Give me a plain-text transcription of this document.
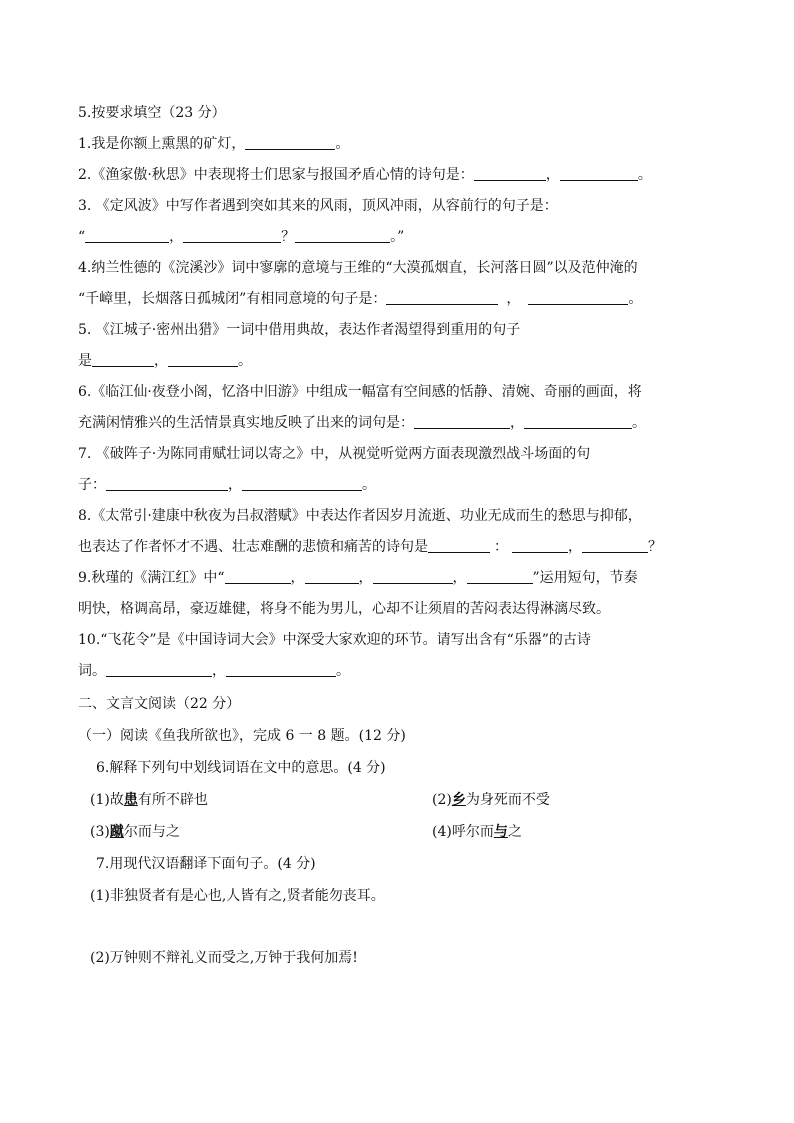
5.按要求填空（23 分）
1.我是你额上熏黑的矿灯，	。
2.《渔家傲·秋思》中表现将士们思家与报国矛盾心情的诗句是：	，	。
3. 《定风波》中写作者遇到突如其来的风雨，顶风冲雨，从容前行的句子是：
“	，	？	。”
4.纳兰性德的《浣溪沙》词中寥廓的意境与王维的“大漠孤烟直，长河落日圆”以及范仲淹的
“千嶂里，长烟落日孤城闭”有相同意境的句子是：	，	。
5. 《江城子·密州出猎》一词中借用典故，表达作者渴望得到重用的句子
是	，	。
6.《临江仙·夜登小阁，忆洛中旧游》中组成一幅富有空间感的恬静、清婉、奇丽的画面，将
充满闲情雅兴的生活情景真实地反映了出来的词句是：	，	。
7. 《破阵子·为陈同甫赋壮词以寄之》中，从视觉听觉两方面表现激烈战斗场面的句
子：	，	。
8.《太常引·建康中秋夜为吕叔潜赋》中表达作者因岁月流逝、功业无成而生的愁思与抑郁，
也表达了作者怀才不遇、壮志难酬的悲愤和痛苦的诗句是	：	，	？
9.秋瑾的《满江红》中“	，	，	，	”运用短句，节奏
明快，格调高昂，豪迈雄健，将身不能为男儿，心却不让须眉的苦闷表达得淋漓尽致。
10.“飞花令”是《中国诗词大会》中深受大家欢迎的环节。请写出含有“乐器”的古诗
词。	，	。
二、文言文阅读（22 分）
（一）阅读《鱼我所欲也》，完成 6 一 8 题。(12 分)
6.解释下列句中划线词语在文中的意思。(4 分)
(1)故患有所不辟也	(2)乡为身死而不受
(3)蹴尔而与之	(4)呼尔而与之
7.用现代汉语翻译下面句子。(4 分)
(1)非独贤者有是心也,人皆有之,贤者能勿丧耳。
(2)万钟则不辩礼义而受之,万钟于我何加焉!
